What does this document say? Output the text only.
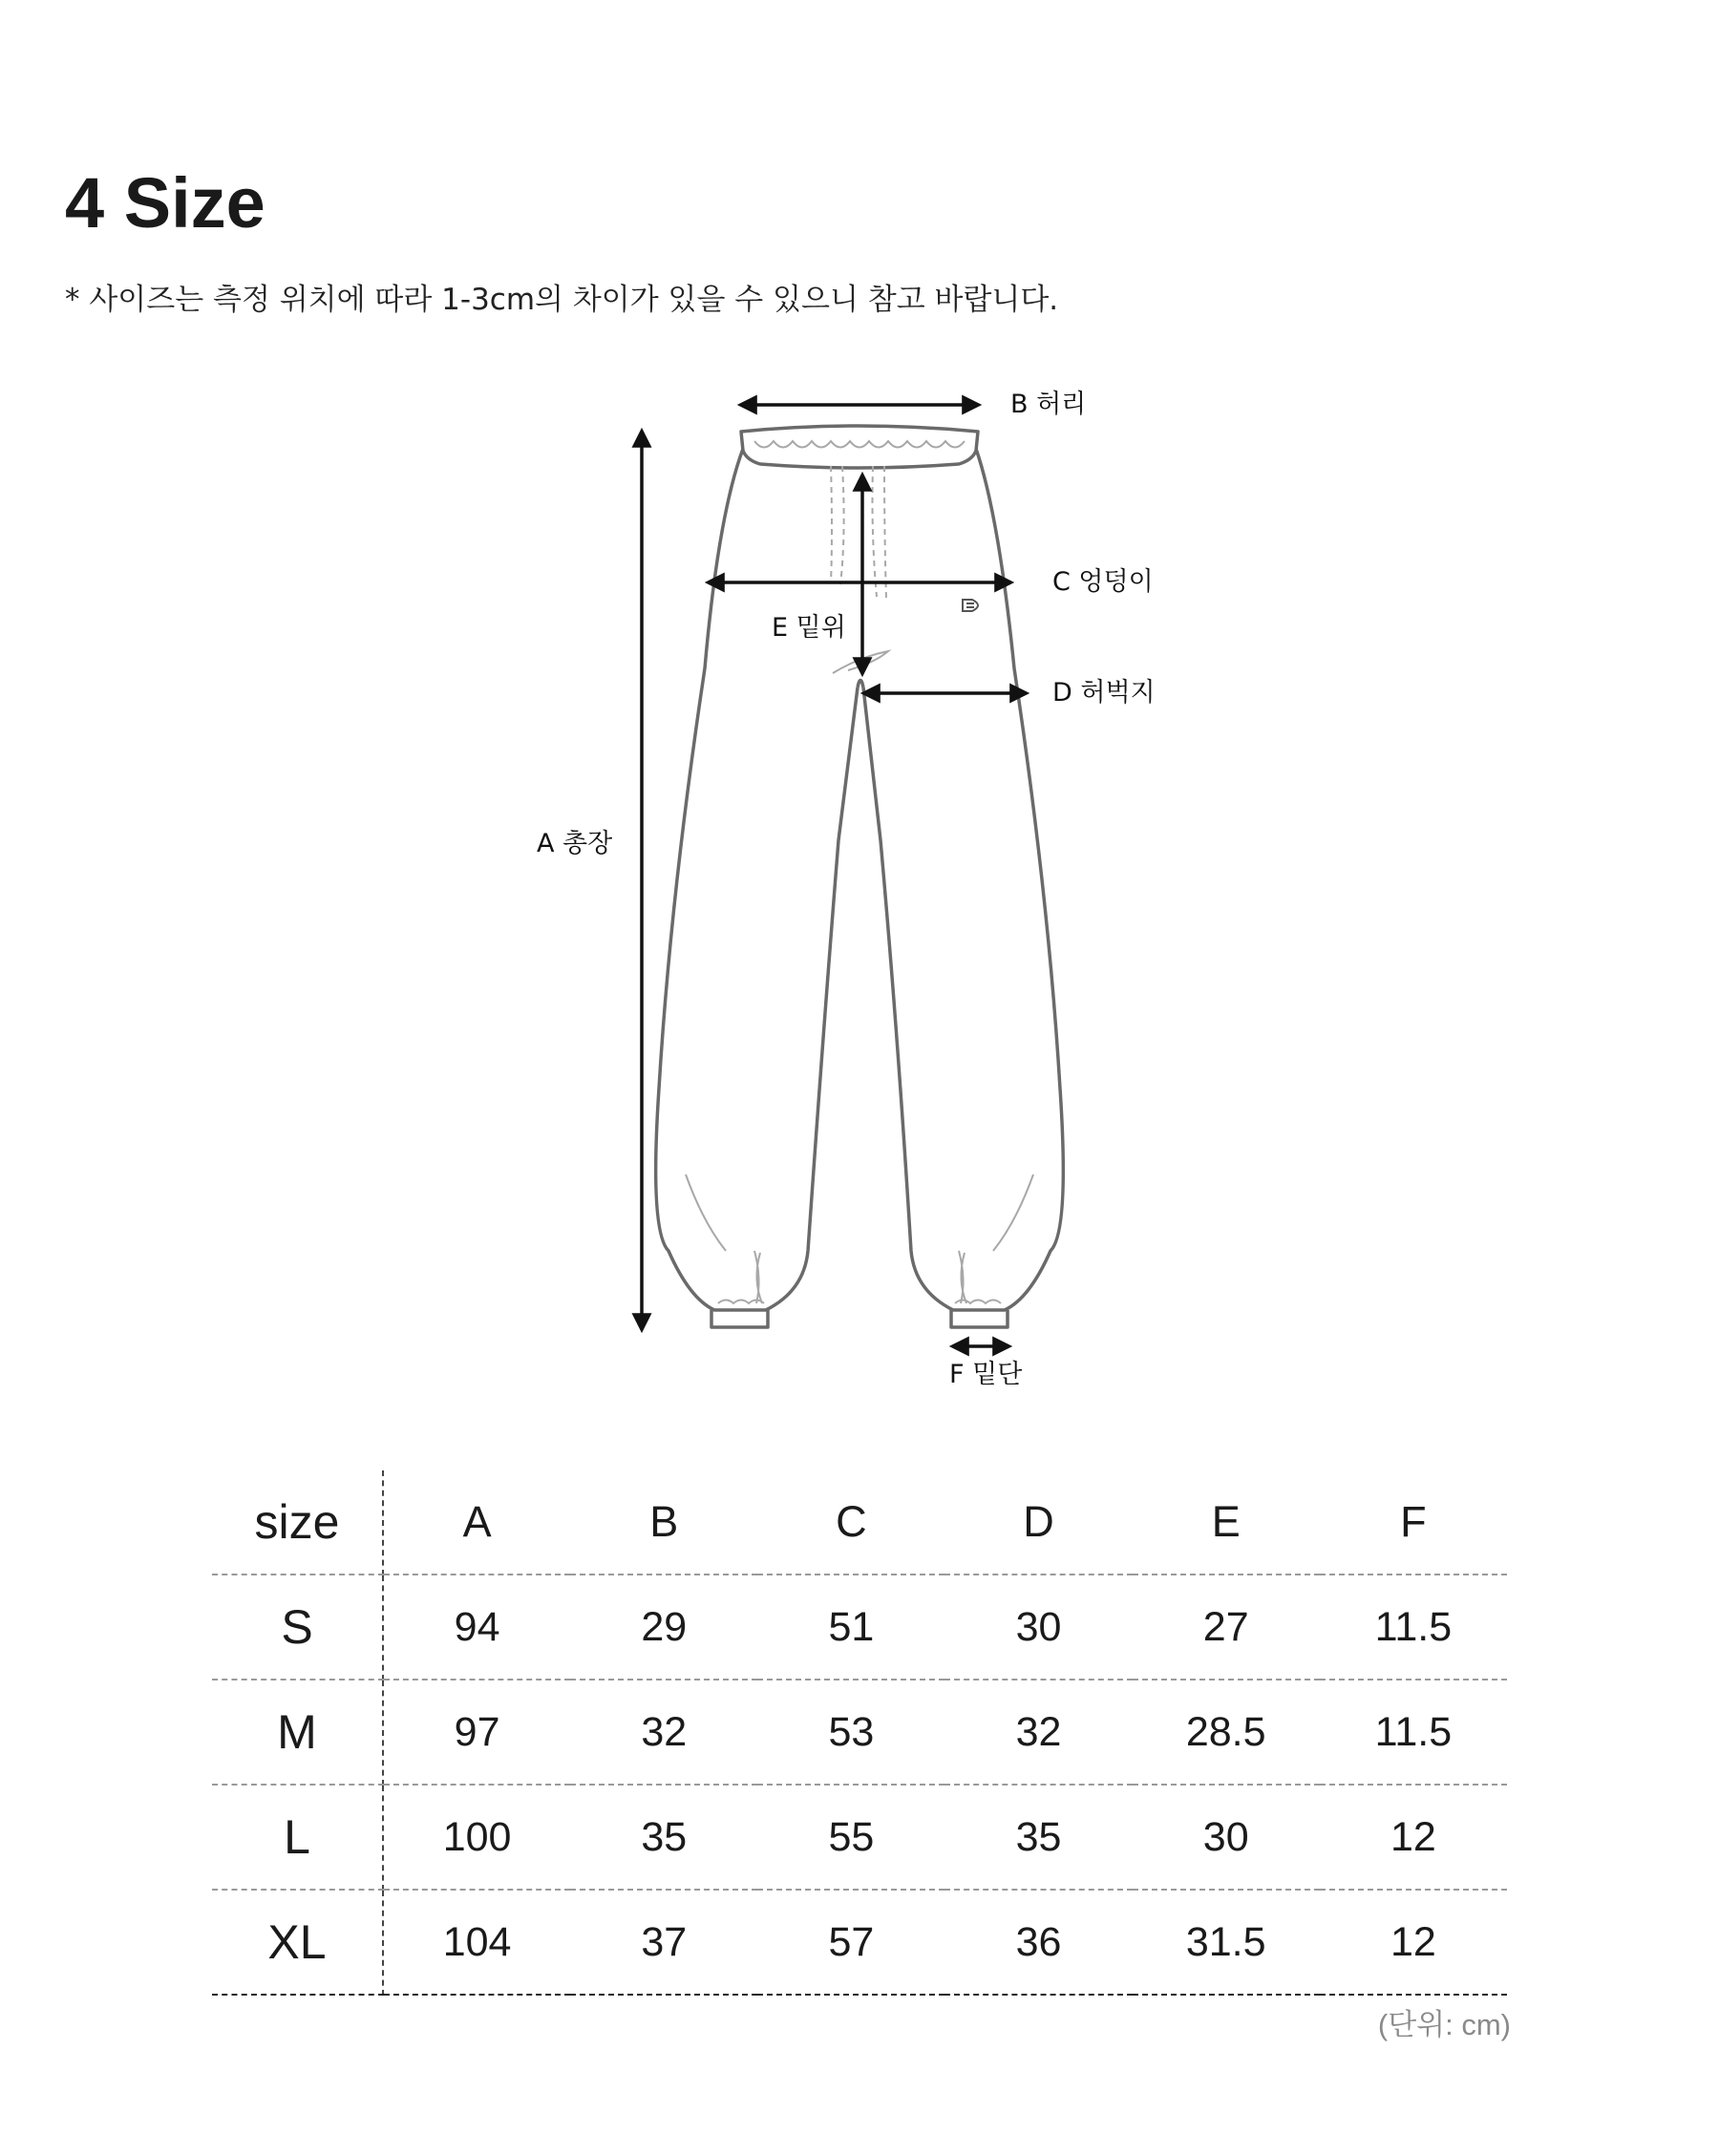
4 Size

* 사이즈는 측정 위치에 따라 1-3cm의 차이가 있을 수 있으니 참고 바랍니다.

B 허리
C 엉덩이
E 밑위
D 허벅지
A 총장
F 밑단
size	A	B	C	D	E	F
S	94	29	51	30	27	11.5
M	97	32	53	32	28.5	11.5
L	100	35	55	35	30	12
XL	104	37	57	36	31.5	12
(단위: cm)
